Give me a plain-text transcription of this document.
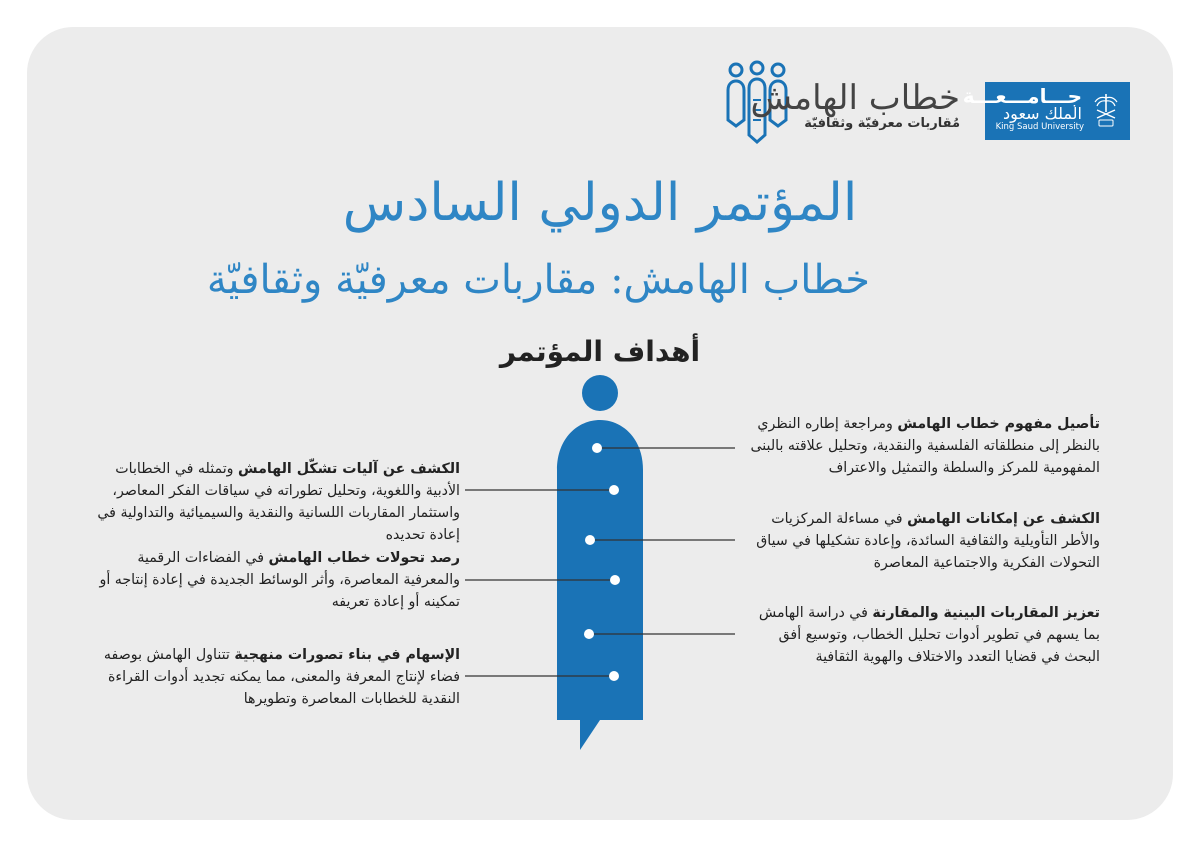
جـــامـــعـــة
الملك سعود
King Saud University
خطاب الهامش
مُقاربات معرفيّة وثقافيّة
المؤتمر الدولي السادس
خطاب الهامش: مقاربات معرفيّة وثقافيّة
أهداف المؤتمر
تأصيل مفهوم خطاب الهامش ومراجعة إطاره النظري بالنظر إلى منطلقاته الفلسفية والنقدية، وتحليل علاقته بالبنى المفهومية للمركز والسلطة والتمثيل والاعتراف
الكشف عن إمكانات الهامش في مساءلة المركزيات والأطر التأويلية والثقافية السائدة، وإعادة تشكيلها في سياق التحولات الفكرية والاجتماعية المعاصرة
تعزيز المقاربات البينية والمقارنة في دراسة الهامش بما يسهم في تطوير أدوات تحليل الخطاب، وتوسيع أفق البحث في قضايا التعدد والاختلاف والهوية الثقافية
الكشف عن آليات تشكّل الهامش وتمثله في الخطابات الأدبية واللغوية، وتحليل تطوراته في سياقات الفكر المعاصر، واستثمار المقاربات اللسانية والنقدية والسيميائية والتداولية في إعادة تحديده
رصد تحولات خطاب الهامش في الفضاءات الرقمية والمعرفية المعاصرة، وأثر الوسائط الجديدة في إعادة إنتاجه أو تمكينه أو إعادة تعريفه
الإسهام في بناء تصورات منهجية تتناول الهامش بوصفه فضاء لإنتاج المعرفة والمعنى، مما يمكنه تجديد أدوات القراءة النقدية للخطابات المعاصرة وتطويرها
